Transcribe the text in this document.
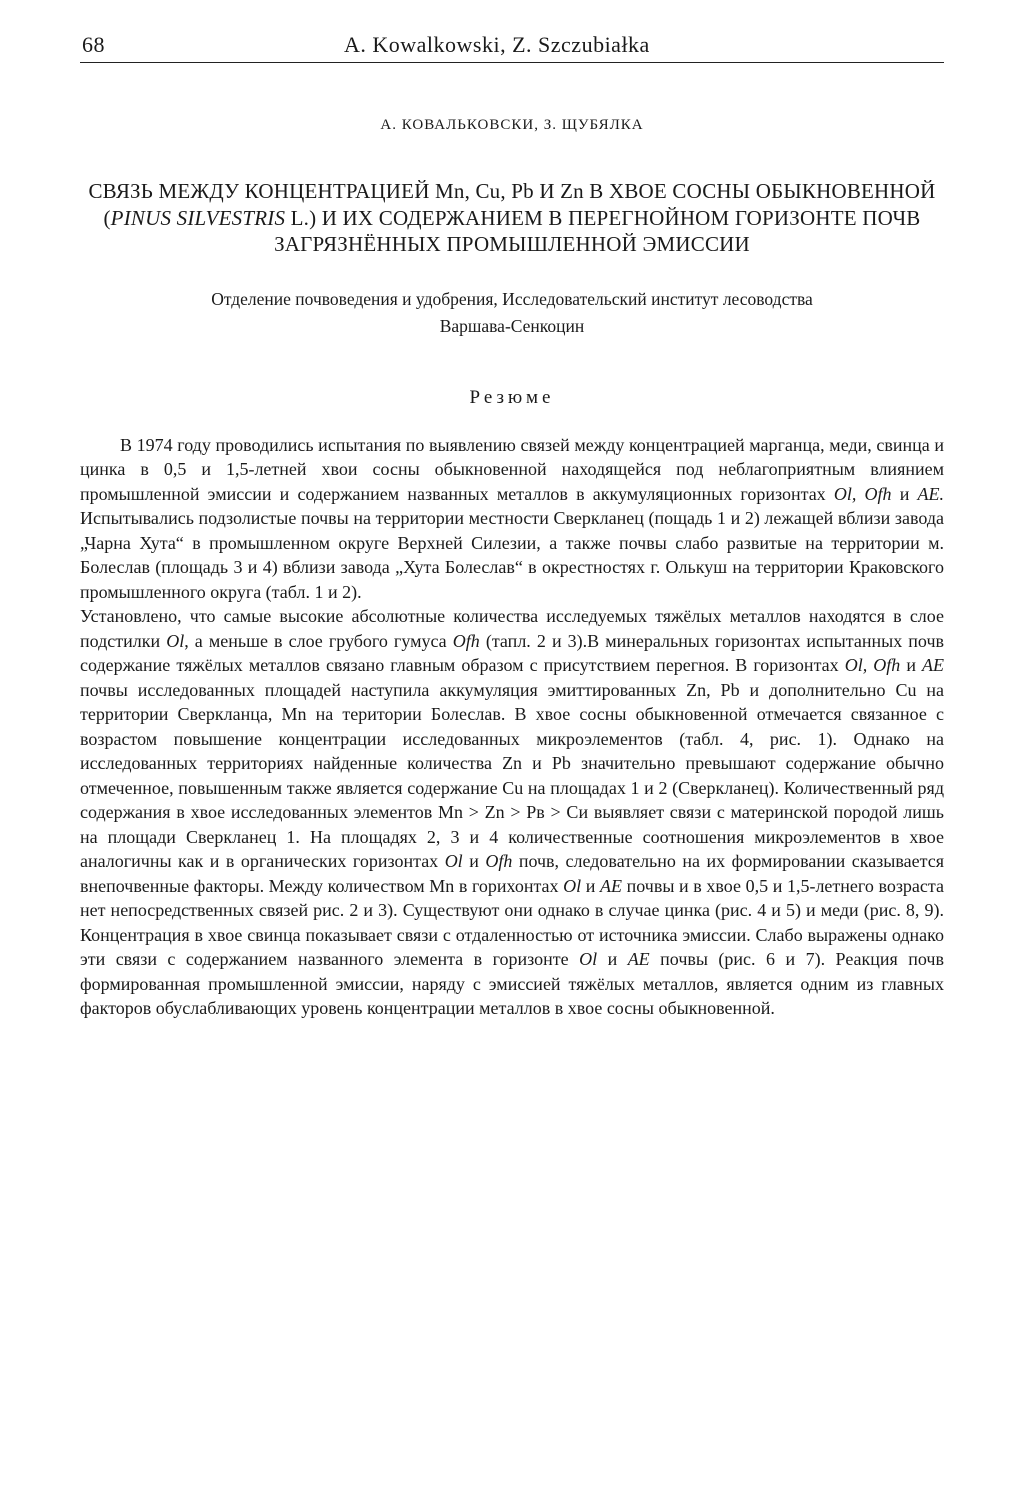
68	A. Kowalkowski, Z. Szczubiałka
А. КОВАЛЬКОВСКИ, З. ЩУБЯЛКА
СВЯЗЬ МЕЖДУ КОНЦЕНТРАЦИЕЙ Mn, Cu, Pb И Zn В ХВОЕ СОСНЫ ОБЫКНОВЕННОЙ (PINUS SILVESTRIS L.) И ИХ СОДЕРЖАНИЕМ В ПЕРЕГНОЙНОМ ГОРИЗОНТЕ ПОЧВ ЗАГРЯЗНЁННЫХ ПРОМЫШЛЕННОЙ ЭМИССИИ
Отделение почвоведения и удобрения, Исследовательский институт лесоводства
Варшава-Сенкоцин
Резюме

В 1974 году проводились испытания по выявлению связей между концентрацией марганца, меди, свинца и цинка в 0,5 и 1,5-летней хвои сосны обыкновенной находящейся под неблагоприятным влиянием промышленной эмиссии и содержанием названных металлов в аккумуляционных горизонтах Ol, Ofh и AE. Испытывались подзолистые почвы на территории местности Сверкланец (пощадь 1 и 2) лежащей вблизи завода „Чарна Хута“ в промышленном округе Верхней Силезии, а также почвы слабо развитые на территории м. Болеслав (площадь 3 и 4) вблизи завода „Хута Болеслав“ в окрестностях г. Олькуш на территории Краковского промышленного округа (табл. 1 и 2).

Установлено, что самые высокие абсолютные количества исследуемых тяжёлых металлов находятся в слое подстилки Ol, а меньше в слое грубого гумуса Ofh (тапл. 2 и 3).В минеральных горизонтах испытанных почв содержание тяжёлых металлов связано главным образом с присутствием перегноя. В горизонтах Ol, Ofh и AE почвы исследованных площадей наступила аккумуляция эмиттированных Zn, Pb и дополнительно Cu на территории Сверкланца, Mn на територии Болеслав. В хвое сосны обыкновенной отмечается связанное с возрастом повышение концентрации исследованных микроэлементов (табл. 4, рис. 1). Однако на исследованных территориях найденные количества Zn и Pb значительно превышают содержание обычно отмеченное, повышенным также является содержание Cu на площадах 1 и 2 (Сверкланец). Количественный ряд содержания в хвое исследованных элементов Mn > Zn > Рв > Си выявляет связи с материнской породой лишь на площади Сверкланец 1. На площадях 2, 3 и 4 количественные соотношения микроэлементов в хвое аналогичны как и в органических горизонтах Ol и Ofh почв, следовательно на их формировании сказывается внепочвенные факторы. Между количеством Mn в горихонтах Ol и AE почвы и в хвое 0,5 и 1,5-летнего возраста нет непосредственных связей рис. 2 и 3). Существуют они однако в случае цинка (рис. 4 и 5) и меди (рис. 8, 9). Концентрация в хвое свинца показывает связи с отдаленностью от источника эмиссии. Слабо выражены однако эти связи с содержанием названного элемента в горизонте Ol и AE почвы (рис. 6 и 7). Реакция почв формированная промышленной эмиссии, наряду с эмиссией тяжёлых металлов, является одним из главных факторов обуслабливающих уровень концентрации металлов в хвое сосны обыкновенной.
